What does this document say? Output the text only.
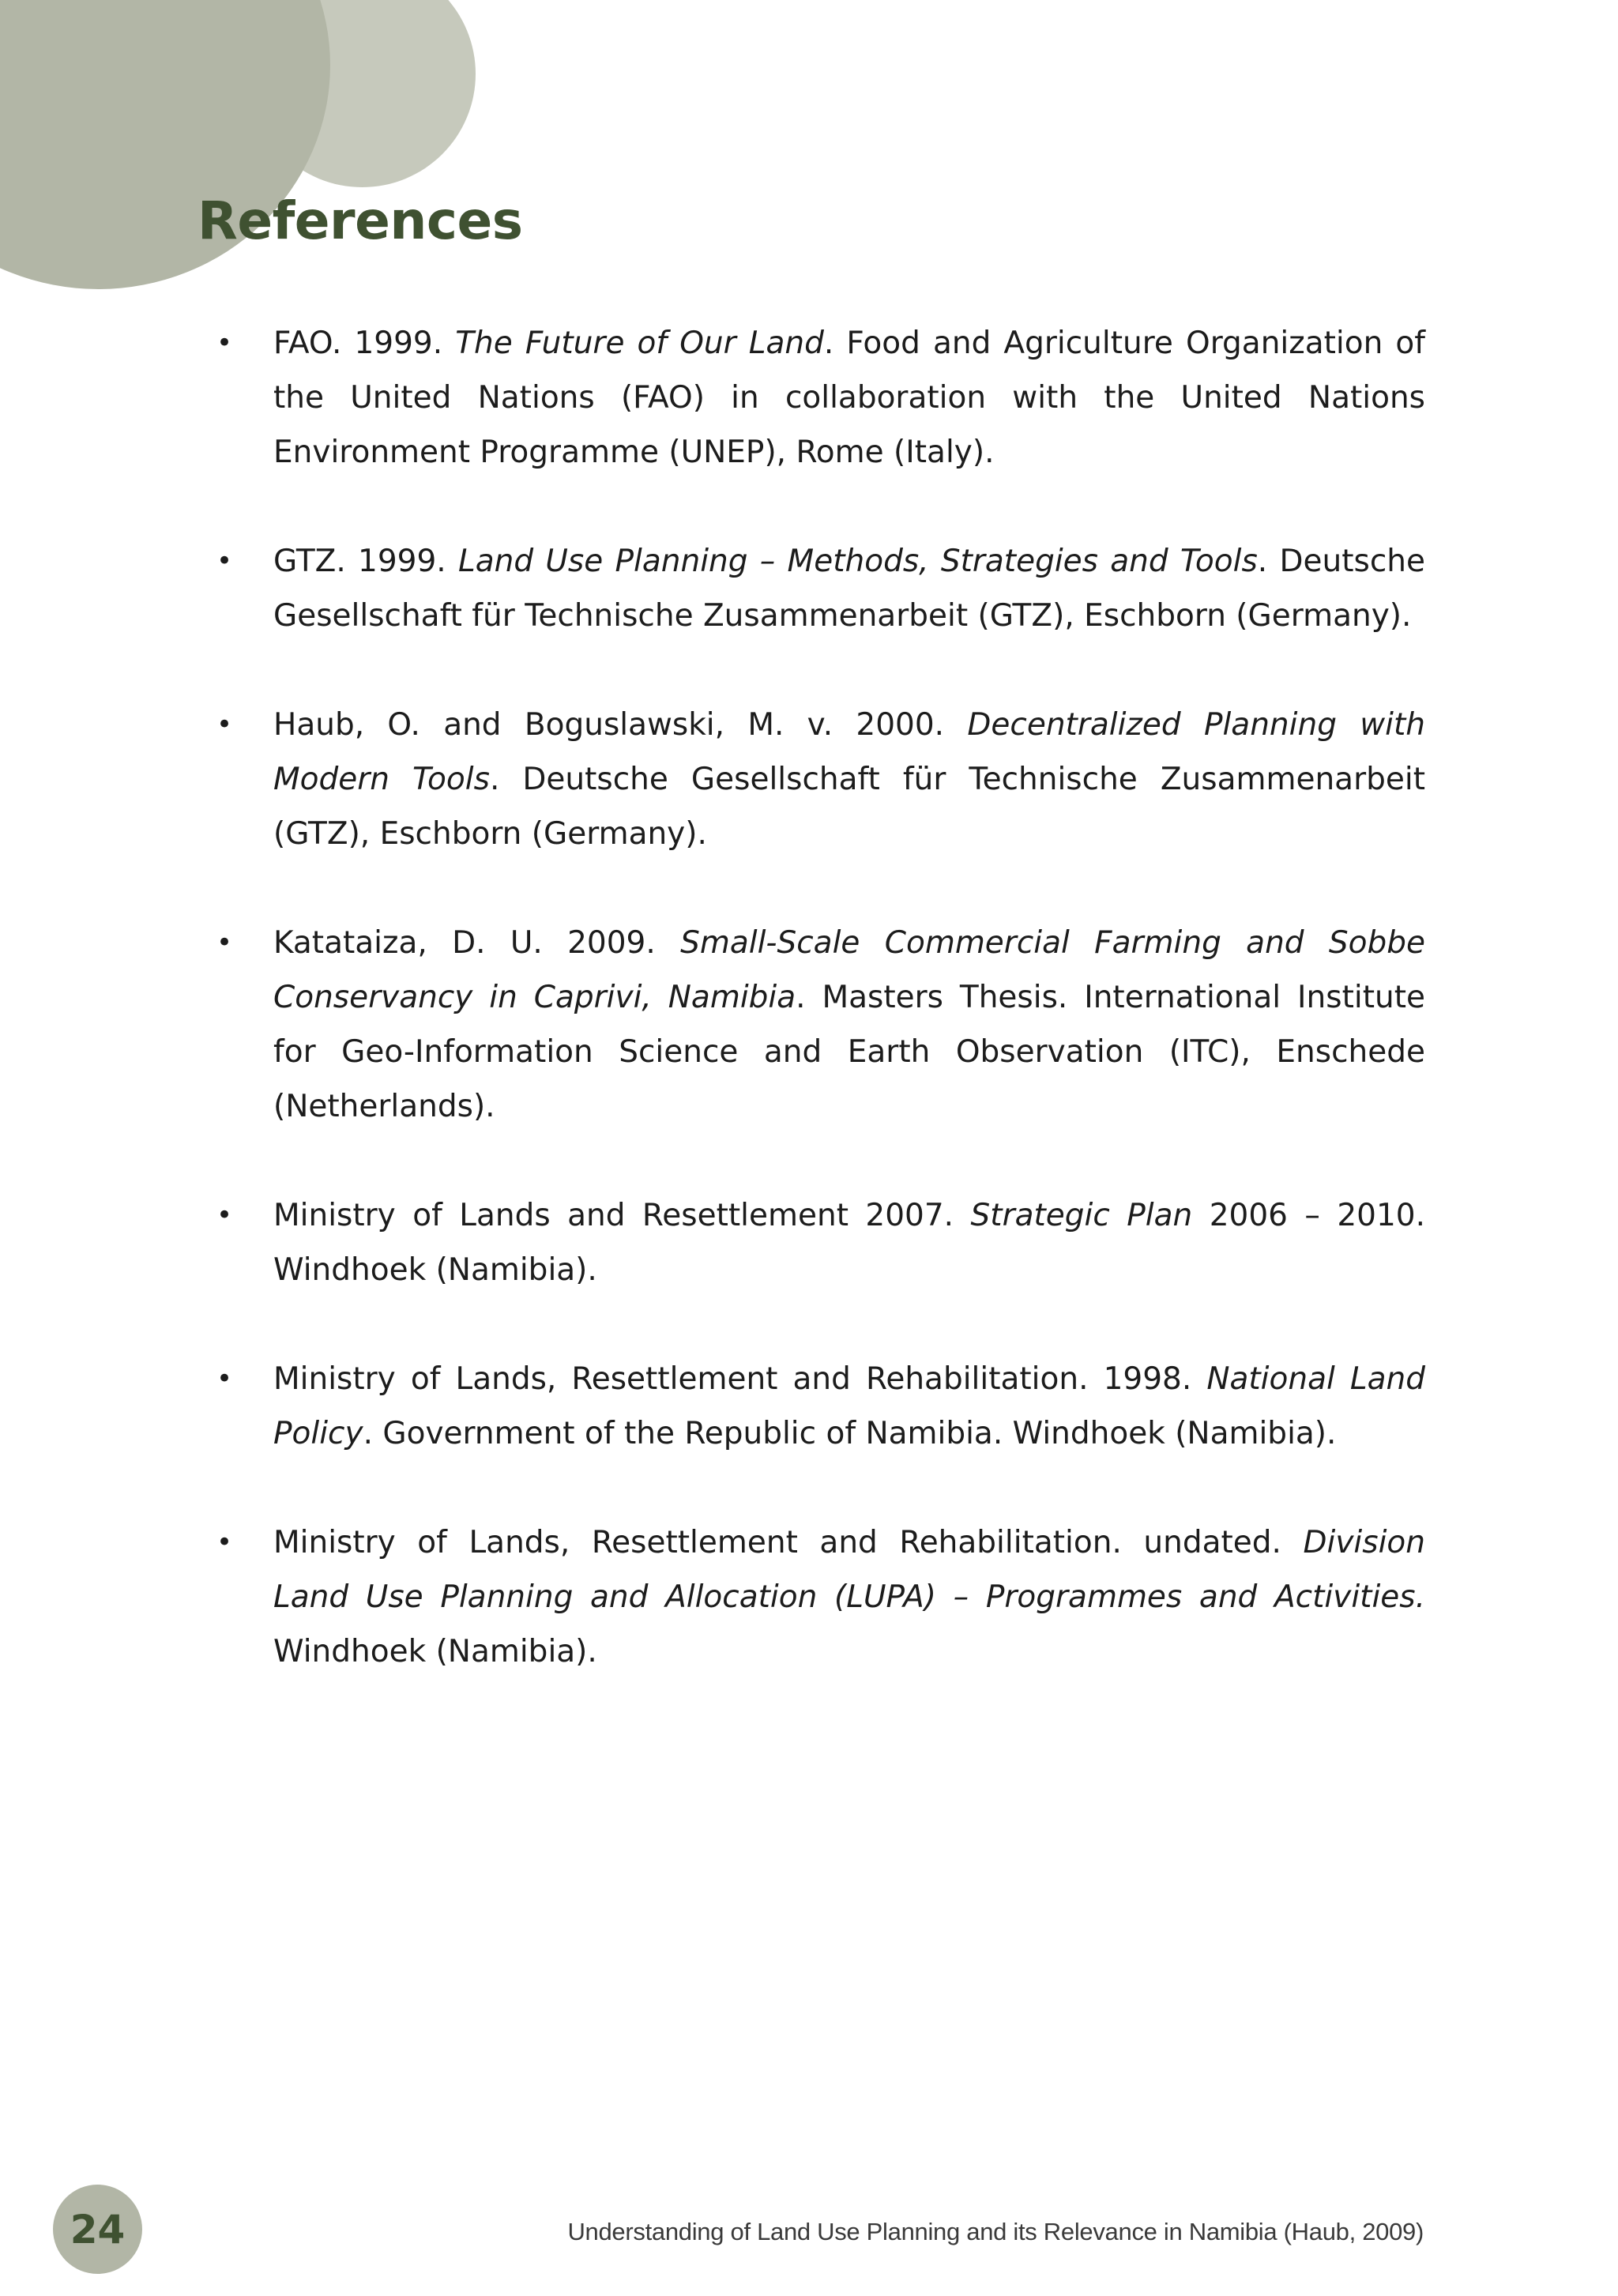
References
• FAO. 1999. The Future of Our Land. Food and Agriculture Organization of the United Nations (FAO) in collaboration with the United Nations Environment Programme (UNEP), Rome (Italy).
• GTZ. 1999. Land Use Planning – Methods, Strategies and Tools. Deutsche Gesellschaft für Technische Zusammenarbeit (GTZ), Eschborn (Germany).
• Haub, O. and Boguslawski, M. v. 2000. Decentralized Planning with Modern Tools. Deutsche Gesellschaft für Technische Zusammenarbeit (GTZ), Eschborn (Germany).
• Katataiza, D. U. 2009. Small-Scale Commercial Farming and Sobbe Conservancy in Caprivi, Namibia. Masters Thesis. International Institute for Geo-Information Science and Earth Observation (ITC), Enschede (Netherlands).
• Ministry of Lands and Resettlement 2007. Strategic Plan 2006 – 2010. Windhoek (Namibia).
• Ministry of Lands, Resettlement and Rehabilitation. 1998. National Land Policy. Government of the Republic of Namibia. Windhoek (Namibia).
• Ministry of Lands, Resettlement and Rehabilitation. undated. Division Land Use Planning and Allocation (LUPA) – Programmes and Activities. Windhoek (Namibia).
24	Understanding of Land Use Planning and its Relevance in Namibia (Haub, 2009)
